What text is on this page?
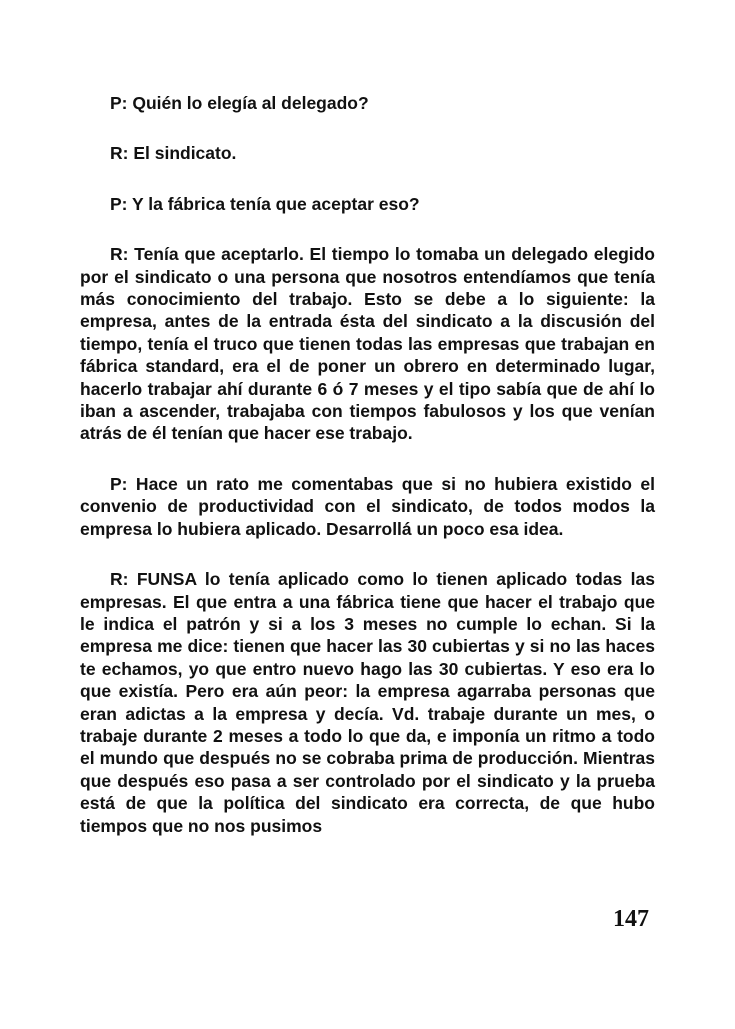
P: Quién lo elegía al delegado?

R: El sindicato.

P: Y la fábrica tenía que aceptar eso?

R: Tenía que aceptarlo. El tiempo lo tomaba un delegado elegido por el sindicato o una persona que nosotros entendíamos que tenía más conocimiento del trabajo. Esto se debe a lo siguiente: la empresa, antes de la entrada ésta del sindicato a la discusión del tiempo, tenía el truco que tienen todas las empresas que trabajan en fábrica standard, era el de poner un obrero en determinado lugar, hacerlo trabajar ahí durante 6 ó 7 meses y el tipo sabía que de ahí lo iban a ascender, trabajaba con tiempos fabulosos y los que venían atrás de él tenían que hacer ese trabajo.

P: Hace un rato me comentabas que si no hubiera existido el convenio de productividad con el sindicato, de todos modos la empresa lo hubiera aplicado. Desarrollá un poco esa idea.

R: FUNSA lo tenía aplicado como lo tienen aplicado todas las empresas. El que entra a una fábrica tiene que hacer el trabajo que le indica el patrón y si a los 3 meses no cumple lo echan. Si la empresa me dice: tienen que hacer las 30 cubiertas y si no las haces te echamos, yo que entro nuevo hago las 30 cubiertas. Y eso era lo que existía. Pero era aún peor: la empresa agarraba personas que eran adictas a la empresa y decía. Vd. trabaje durante un mes, o trabaje durante 2 meses a todo lo que da, e imponía un ritmo a todo el mundo que después no se cobraba prima de producción. Mientras que después eso pasa a ser controlado por el sindicato y la prueba está de que la política del sindicato era correcta, de que hubo tiempos que no nos pusimos

147
